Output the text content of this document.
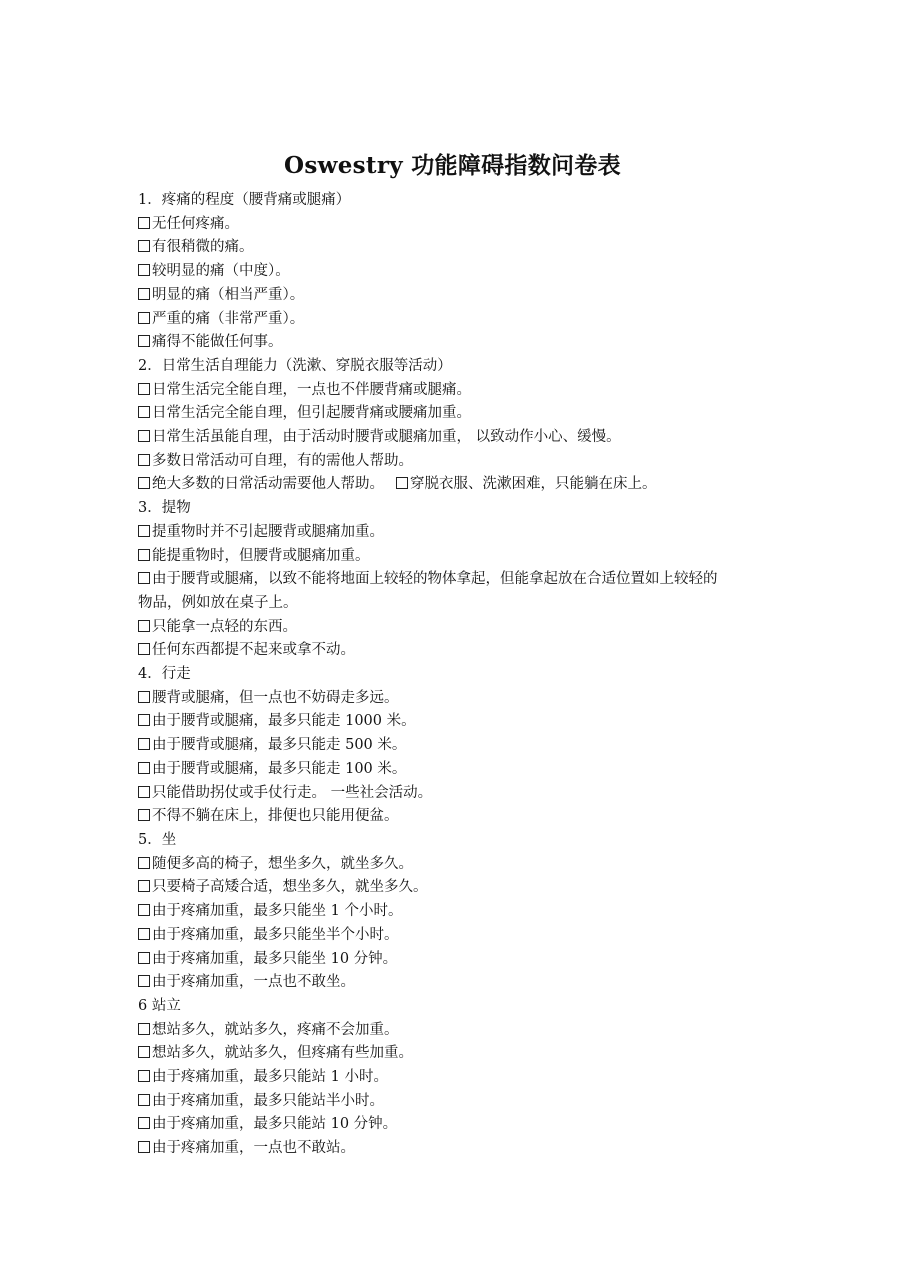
Oswestry 功能障碍指数问卷表
1．疼痛的程度（腰背痛或腿痛）
无任何疼痛。
有很稍微的痛。
较明显的痛（中度）。
明显的痛（相当严重）。
严重的痛（非常严重）。
痛得不能做任何事。
2．日常生活自理能力（洗漱、穿脱衣服等活动）
日常生活完全能自理，一点也不伴腰背痛或腿痛。
日常生活完全能自理，但引起腰背痛或腰痛加重。
日常生活虽能自理，由于活动时腰背或腿痛加重， 以致动作小心、缓慢。
多数日常活动可自理，有的需他人帮助。
绝大多数的日常活动需要他人帮助。 穿脱衣服、洗漱困难，只能躺在床上。
3．提物
提重物时并不引起腰背或腿痛加重。
能提重物时，但腰背或腿痛加重。
由于腰背或腿痛，以致不能将地面上较轻的物体拿起，但能拿起放在合适位置如上较轻的
物品，例如放在桌子上。
只能拿一点轻的东西。
任何东西都提不起来或拿不动。
4．行走
腰背或腿痛，但一点也不妨碍走多远。
由于腰背或腿痛，最多只能走 1000 米。
由于腰背或腿痛，最多只能走 500 米。
由于腰背或腿痛，最多只能走 100 米。
只能借助拐仗或手仗行走。 一些社会活动。
不得不躺在床上，排便也只能用便盆。
5．坐
随便多高的椅子，想坐多久，就坐多久。
只要椅子高矮合适，想坐多久，就坐多久。
由于疼痛加重，最多只能坐 1 个小时。
由于疼痛加重，最多只能坐半个小时。
由于疼痛加重，最多只能坐 10 分钟。
由于疼痛加重，一点也不敢坐。
6 站立
想站多久，就站多久，疼痛不会加重。
想站多久，就站多久，但疼痛有些加重。
由于疼痛加重，最多只能站 1 小时。
由于疼痛加重，最多只能站半小时。
由于疼痛加重，最多只能站 10 分钟。
由于疼痛加重，一点也不敢站。
